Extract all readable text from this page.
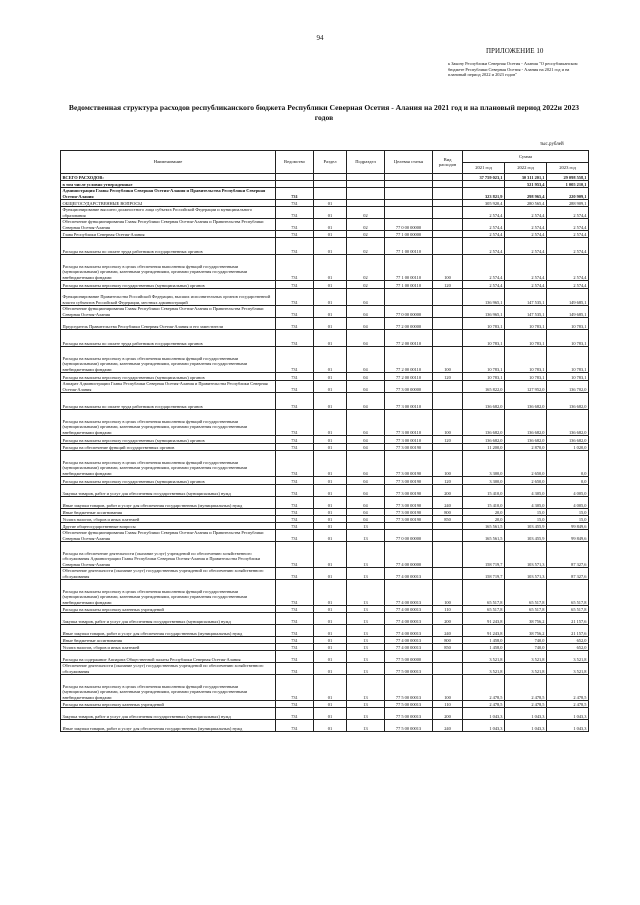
94
ПРИЛОЖЕНИЕ 10
к Закону Республики Северная Осетия - Алания "О республиканском бюджете Республики Северная Осетия - Алания на 2021 год и на плановый период 2022 и 2023 годов"
Ведомственная структура расходов республиканского бюджета Республики Северная Осетия - Алания на 2021 год и на плановый период 2022и 2023 годов
тыс.рублей
Наименование	Ведомство	Раздел	Подраздел	Целевая статья	Вид расходов	Сумма		
						2021 год	2022 год	2023 год
ВСЕГО РАСХОДОВ:						37 759 023,1	30 311 201,1	29 098 558,1
в том числе условно утвержденные							521 953,4	1 005 210,1
Администрация Главы Республики Северная Осетия-Алания и Правительства Республики Северная Осетия-Алания	731					323 821,9	298 965,4	220 909,1
ОБЩЕГОСУДАРСТВЕННЫЕ ВОПРОСЫ	731	01				305 920,4	280 565,4	288 909,1
Функционирование высшего должностного лица субъекта Российской Федерации и муниципального образования	731	01	02			2 574,4	2 574,4	2 574,4
Обеспечение функционирования Главы Республики Северная Осетия-Алания и Правительства Республики Северная Осетия-Алания	731	01	02	77 0 00 00000		2 574,4	2 574,4	2 574,4
Глава Республики Северная Осетия-Алания	731	01	02	77 1 00 00000		2 574,4	2 574,4	2 574,4
Расходы на выплаты по оплате труда работников государственных органов	731	01	02	77 1 00 00110		2 574,4	2 574,4	2 574,4
Расходы на выплаты персоналу в целях обеспечения выполнения функций государственными (муниципальными) органами, казенными учреждениями, органами управления государственными внебюджетными фондами	731	01	02	77 1 00 00110	100	2 574,4	2 574,4	2 574,4
Расходы на выплаты персоналу государственных (муниципальных) органов	731	01	02	77 1 00 00110	120	2 574,4	2 574,4	2 574,4
Функционирование Правительства Российской Федерации, высших исполнительных органов государственной власти субъектов Российской Федерации, местных администраций	731	01	04			136 965,1	147 535,1	149 685,1
Обеспечение функционирования Главы Республики Северная Осетия-Алания и Правительства Республики Северная Осетия-Алания	731	01	04	77 0 00 00000		136 965,1	147 535,1	149 685,1
Председатель Правительства Республики Северная Осетия-Алания и его заместители	731	01	04	77 2 00 00000		10 783,1	10 783,1	10 783,1
Расходы на выплаты по оплате труда работников государственных органов	731	01	04	77 2 00 00110		10 783,1	10 783,1	10 783,1
Расходы на выплаты персоналу в целях обеспечения выполнения функций государственными (муниципальными) органами, казенными учреждениями, органами управления государственными внебюджетными фондами	731	01	04	77 2 00 00110	100	10 783,1	10 783,1	10 783,1
Расходы на выплаты персоналу государственных (муниципальных) органов	731	01	04	77 2 00 00110	120	10 783,1	10 783,1	10 783,1
Аппарат Администрации Главы Республики Северная Осетия-Алания и Правительства Республики Северная Осетия-Алания	731	01	04	77 3 00 00000		165 822,0	127 952,0	136 702,0
Расходы на выплаты по оплате труда работников государственных органов	731	01	04	77 3 00 00110		136 682,0	136 682,0	136 682,0
Расходы на выплаты персоналу в целях обеспечения выполнения функций государственными (муниципальными) органами, казенными учреждениями, органами управления государственными внебюджетными фондами	731	01	04	77 3 00 00110	100	136 682,0	136 682,0	136 682,0
Расходы на выплаты персоналу государственных (муниципальных) органов	731	01	04	77 3 00 00110	120	136 682,0	136 682,0	136 682,0
Расходы на обеспечение функций государственных органов	731	01	04	77 3 00 00190		11 200,0	2 870,0	1 020,0
Расходы на выплаты персоналу в целях обеспечения выполнения функций государственными (муниципальными) органами, казенными учреждениями, органами управления государственными внебюджетными фондами	731	01	04	77 3 00 00190	100	3 300,0	2 650,0	0,0
Расходы на выплаты персоналу государственных (муниципальных) органов	731	01	04	77 3 00 00190	120	3 300,0	2 650,0	0,0
Закупка товаров, работ и услуг для обеспечения государственных (муниципальных) нужд	731	01	04	77 3 00 00190	200	15 410,0	4 305,0	4 005,0
Иные закупки товаров, работ и услуг для обеспечения государственных (муниципальных) нужд	731	01	04	77 3 00 00190	240	15 410,0	4 305,0	4 005,0
Иные бюджетные ассигнования	731	01	04	77 3 00 00190	800	20,0	15,0	15,0
Уплата налогов, сборов и иных платежей	731	01	04	77 3 00 00190	850	20,0	15,0	15,0
Другие общегосударственные вопросы	731	01	13			165 561,5	103 455,9	99 849,6
Обеспечение функционирования Главы Республики Северная Осетия-Алания и Правительства Республики Северная Осетия-Алания	731	01	13	77 0 00 00000		165 561,5	103 455,9	99 849,6
Расходы на обеспечение деятельности (оказание услуг) учреждений по обеспечению хозяйственного обслуживания Администрации Главы Республики Северная Осетия-Алания и Правительства Республики Северная Осетия-Алания	731	01	13	77 4 00 00000		158 719,7	103 571,3	87 327,6
Обеспечение деятельности (оказание услуг) государственных учреждений по обеспечению хозяйственного обслуживания	731	01	13	77 4 00 00013		158 719,7	103 571,3	87 327,6
Расходы на выплаты персоналу в целях обеспечения выполнения функций государственными (муниципальными) органами, казенными учреждениями, органами управления государственными внебюджетными фондами	731	01	13	77 4 00 00013	100	65 517,8	65 517,8	65 517,8
Расходы на выплаты персоналу казенных учреждений	731	01	13	77 4 00 00013	110	65 517,8	65 517,8	65 517,8
Закупка товаров, работ и услуг для обеспечения государственных (муниципальных) нужд	731	01	13	77 4 00 00013	200	91 243,8	38 756,2	21 157,6
Иные закупки товаров, работ и услуг для обеспечения государственных (муниципальных) нужд	731	01	13	77 4 00 00013	240	91 243,8	38 756,2	21 157,6
Иные бюджетные ассигнования	731	01	13	77 4 00 00013	800	1 458,0	740,0	652,0
Уплата налогов, сборов и иных платежей	731	01	13	77 4 00 00013	850	1 458,0	740,0	652,0
Расходы на содержание Аппарата Общественной палаты Республики Северная Осетия-Алания	731	01	13	77 5 00 00000		3 521,8	3 521,8	3 521,8
Обеспечение деятельности (оказание услуг) государственных учреждений по обеспечению хозяйственного обслуживания	731	01	13	77 5 00 00013		3 521,8	3 521,8	3 521,8
Расходы на выплаты персоналу в целях обеспечения выполнения функций государственными (муниципальными) органами, казенными учреждениями, органами управления государственными внебюджетными фондами	731	01	13	77 5 00 00013	100	2 478,5	2 478,5	2 478,5
Расходы на выплаты персоналу казенных учреждений	731	01	13	77 5 00 00013	110	2 478,5	2 478,5	2 478,5
Закупка товаров, работ и услуг для обеспечения государственных (муниципальных) нужд	731	01	13	77 5 00 00013	200	1 043,3	1 043,3	1 043,3
Иные закупки товаров, работ и услуг для обеспечения государственных (муниципальных) нужд	731	01	13	77 5 00 00013	240	1 043,3	1 043,3	1 043,3
